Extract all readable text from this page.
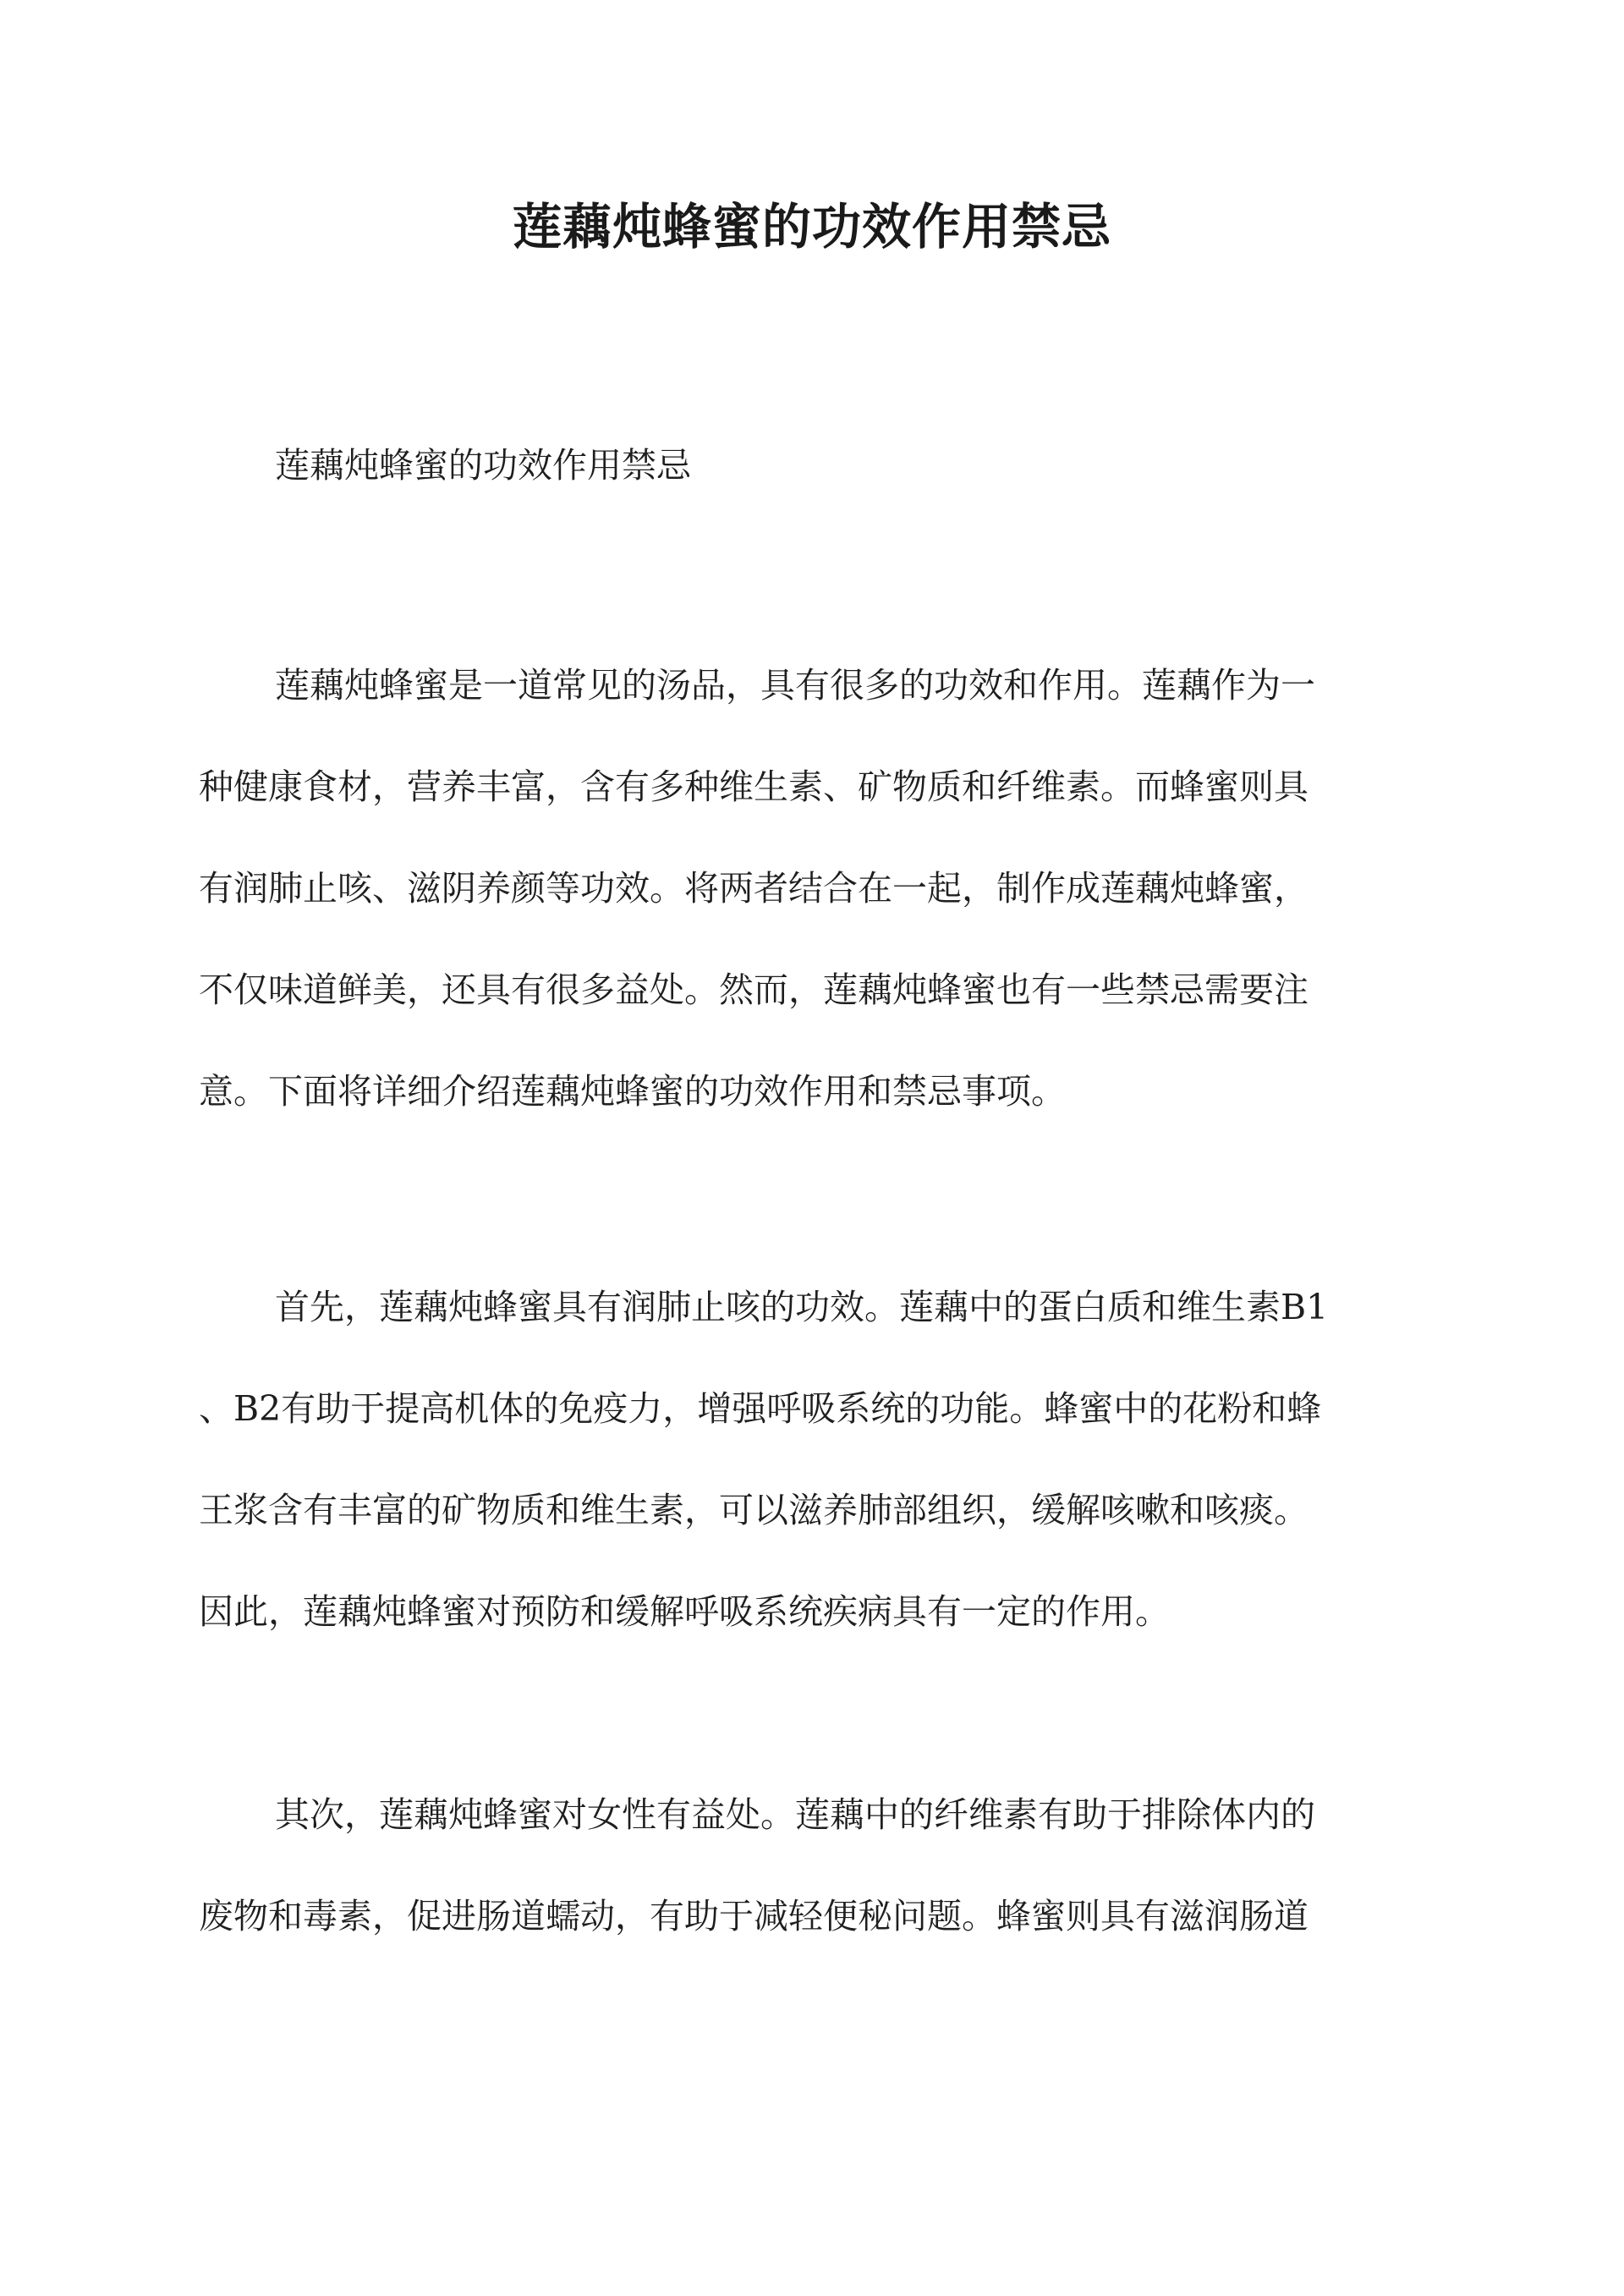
莲藕炖蜂蜜的功效作用禁忌

莲藕炖蜂蜜的功效作用禁忌

莲藕炖蜂蜜是一道常见的汤品，具有很多的功效和作用。莲藕作为一
种健康食材，营养丰富，含有多种维生素、矿物质和纤维素。而蜂蜜则具
有润肺止咳、滋阴养颜等功效。将两者结合在一起，制作成莲藕炖蜂蜜，
不仅味道鲜美，还具有很多益处。然而，莲藕炖蜂蜜也有一些禁忌需要注
意。下面将详细介绍莲藕炖蜂蜜的功效作用和禁忌事项。
首先，莲藕炖蜂蜜具有润肺止咳的功效。莲藕中的蛋白质和维生素B1
、B2有助于提高机体的免疫力，增强呼吸系统的功能。蜂蜜中的花粉和蜂
王浆含有丰富的矿物质和维生素，可以滋养肺部组织，缓解咳嗽和咳痰。
因此，莲藕炖蜂蜜对预防和缓解呼吸系统疾病具有一定的作用。
其次，莲藕炖蜂蜜对女性有益处。莲藕中的纤维素有助于排除体内的
废物和毒素，促进肠道蠕动，有助于减轻便秘问题。蜂蜜则具有滋润肠道
